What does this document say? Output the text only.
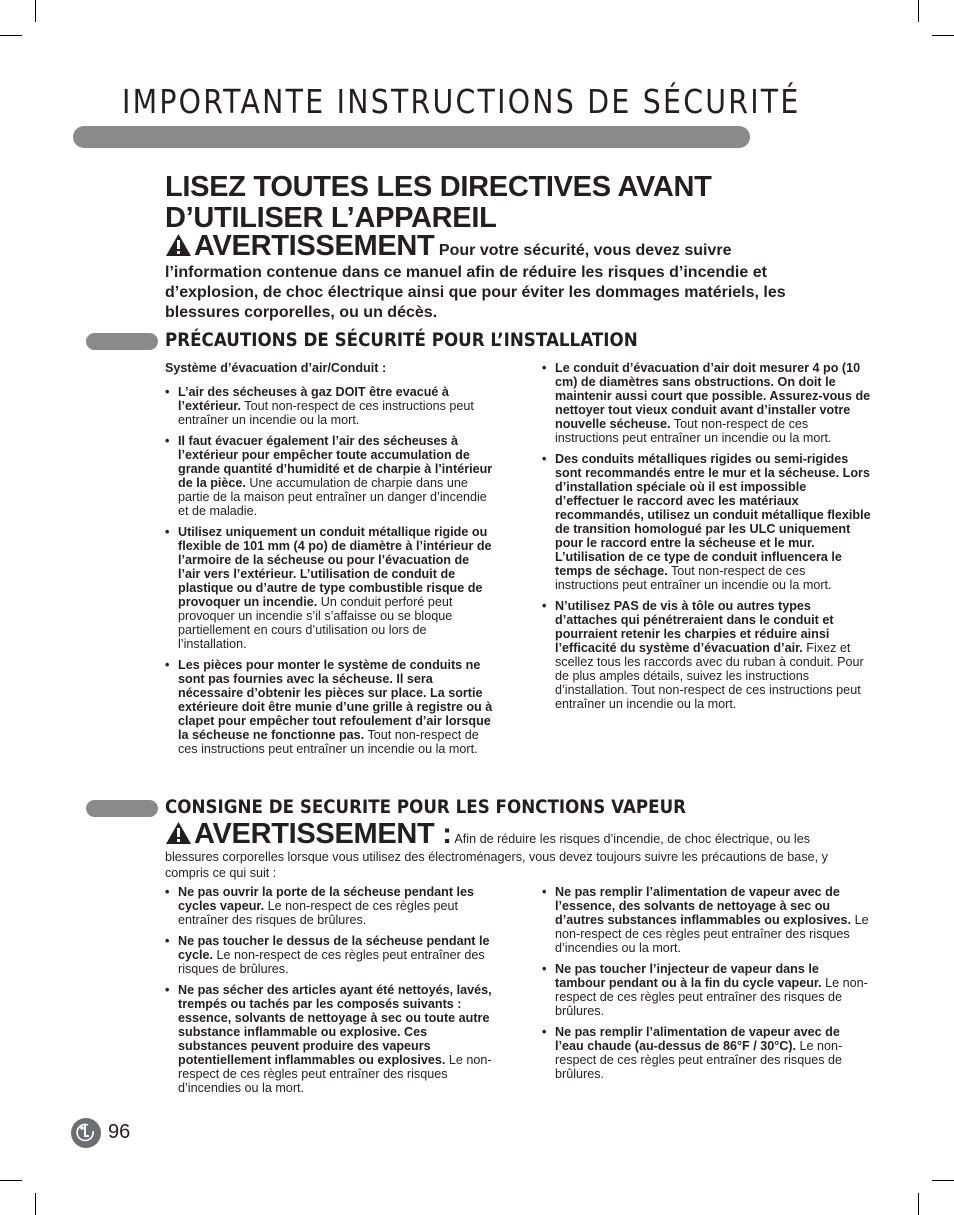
IMPORTANTE INSTRUCTIONS DE SÉCURITÉ
LISEZ TOUTES LES DIRECTIVES AVANT D’UTILISER L’APPAREIL
AVERTISSEMENT Pour votre sécurité, vous devez suivre l’information contenue dans ce manuel afin de réduire les risques d’incendie et d’explosion, de choc électrique ainsi que pour éviter les dommages matériels, les blessures corporelles, ou un décès.
PRÉCAUTIONS DE SÉCURITÉ POUR L’INSTALLATION
Système d’évacuation d’air/Conduit :
• L’air des sécheuses à gaz DOIT être evacué à l’extérieur. Tout non-respect de ces instructions peut entraîner un incendie ou la mort.
• Il faut évacuer également l’air des sécheuses à l’extérieur pour empêcher toute accumulation de grande quantité d’humidité et de charpie à l’intérieur de la pièce. Une accumulation de charpie dans une partie de la maison peut entraîner un danger d’incendie et de maladie.
• Utilisez uniquement un conduit métallique rigide ou flexible de 101 mm (4 po) de diamètre à l’intérieur de l’armoire de la sécheuse ou pour l’évacuation de l’air vers l’extérieur. L’utilisation de conduit de plastique ou d’autre de type combustible risque de provoquer un incendie. Un conduit perforé peut provoquer un incendie s’il s’affaisse ou se bloque partiellement en cours d’utilisation ou lors de l’installation.
• Les pièces pour monter le système de conduits ne sont pas fournies avec la sécheuse. Il sera nécessaire d’obtenir les pièces sur place. La sortie extérieure doit être munie d’une grille à registre ou à clapet pour empêcher tout refoulement d’air lorsque la sécheuse ne fonctionne pas. Tout non-respect de ces instructions peut entraîner un incendie ou la mort.
• Le conduit d’évacuation d’air doit mesurer 4 po (10 cm) de diamètres sans obstructions. On doit le maintenir aussi court que possible. Assurez-vous de nettoyer tout vieux conduit avant d’installer votre nouvelle sécheuse. Tout non-respect de ces instructions peut entraîner un incendie ou la mort.
• Des conduits métalliques rigides ou semi-rigides sont recommandés entre le mur et la sécheuse. Lors d’installation spéciale où il est impossible d’effectuer le raccord avec les matériaux recommandés, utilisez un conduit métallique flexible de transition homologué par les ULC uniquement pour le raccord entre la sécheuse et le mur. L’utilisation de ce type de conduit influencera le temps de séchage. Tout non-respect de ces instructions peut entraîner un incendie ou la mort.
• N’utilisez PAS de vis à tôle ou autres types d’attaches qui pénétreraient dans le conduit et pourraient retenir les charpies et réduire ainsi l’efficacité du système d’évacuation d’air. Fixez et scellez tous les raccords avec du ruban à conduit. Pour de plus amples détails, suivez les instructions d’installation. Tout non-respect de ces instructions peut entraîner un incendie ou la mort.
CONSIGNE DE SECURITE POUR LES FONCTIONS VAPEUR
AVERTISSEMENT : Afin de réduire les risques d’incendie, de choc électrique, ou les blessures corporelles lorsque vous utilisez des électroménagers, vous devez toujours suivre les précautions de base, y compris ce qui suit :
• Ne pas ouvrir la porte de la sécheuse pendant les cycles vapeur. Le non-respect de ces règles peut entraîner des risques de brûlures.
• Ne pas toucher le dessus de la sécheuse pendant le cycle. Le non-respect de ces règles peut entraîner des risques de brûlures.
• Ne pas sécher des articles ayant été nettoyés, lavés, trempés ou tachés par les composés suivants : essence, solvants de nettoyage à sec ou toute autre substance inflammable ou explosive. Ces substances peuvent produire des vapeurs potentiellement inflammables ou explosives. Le non-respect de ces règles peut entraîner des risques d’incendies ou la mort.
• Ne pas remplir l’alimentation de vapeur avec de l’essence, des solvants de nettoyage à sec ou d’autres substances inflammables ou explosives. Le non-respect de ces règles peut entraîner des risques d’incendies ou la mort.
• Ne pas toucher l’injecteur de vapeur dans le tambour pendant ou à la fin du cycle vapeur. Le non-respect de ces règles peut entraîner des risques de brûlures.
• Ne pas remplir l’alimentation de vapeur avec de l’eau chaude (au-dessus de 86°F / 30°C). Le non-respect de ces règles peut entraîner des risques de brûlures.
96
